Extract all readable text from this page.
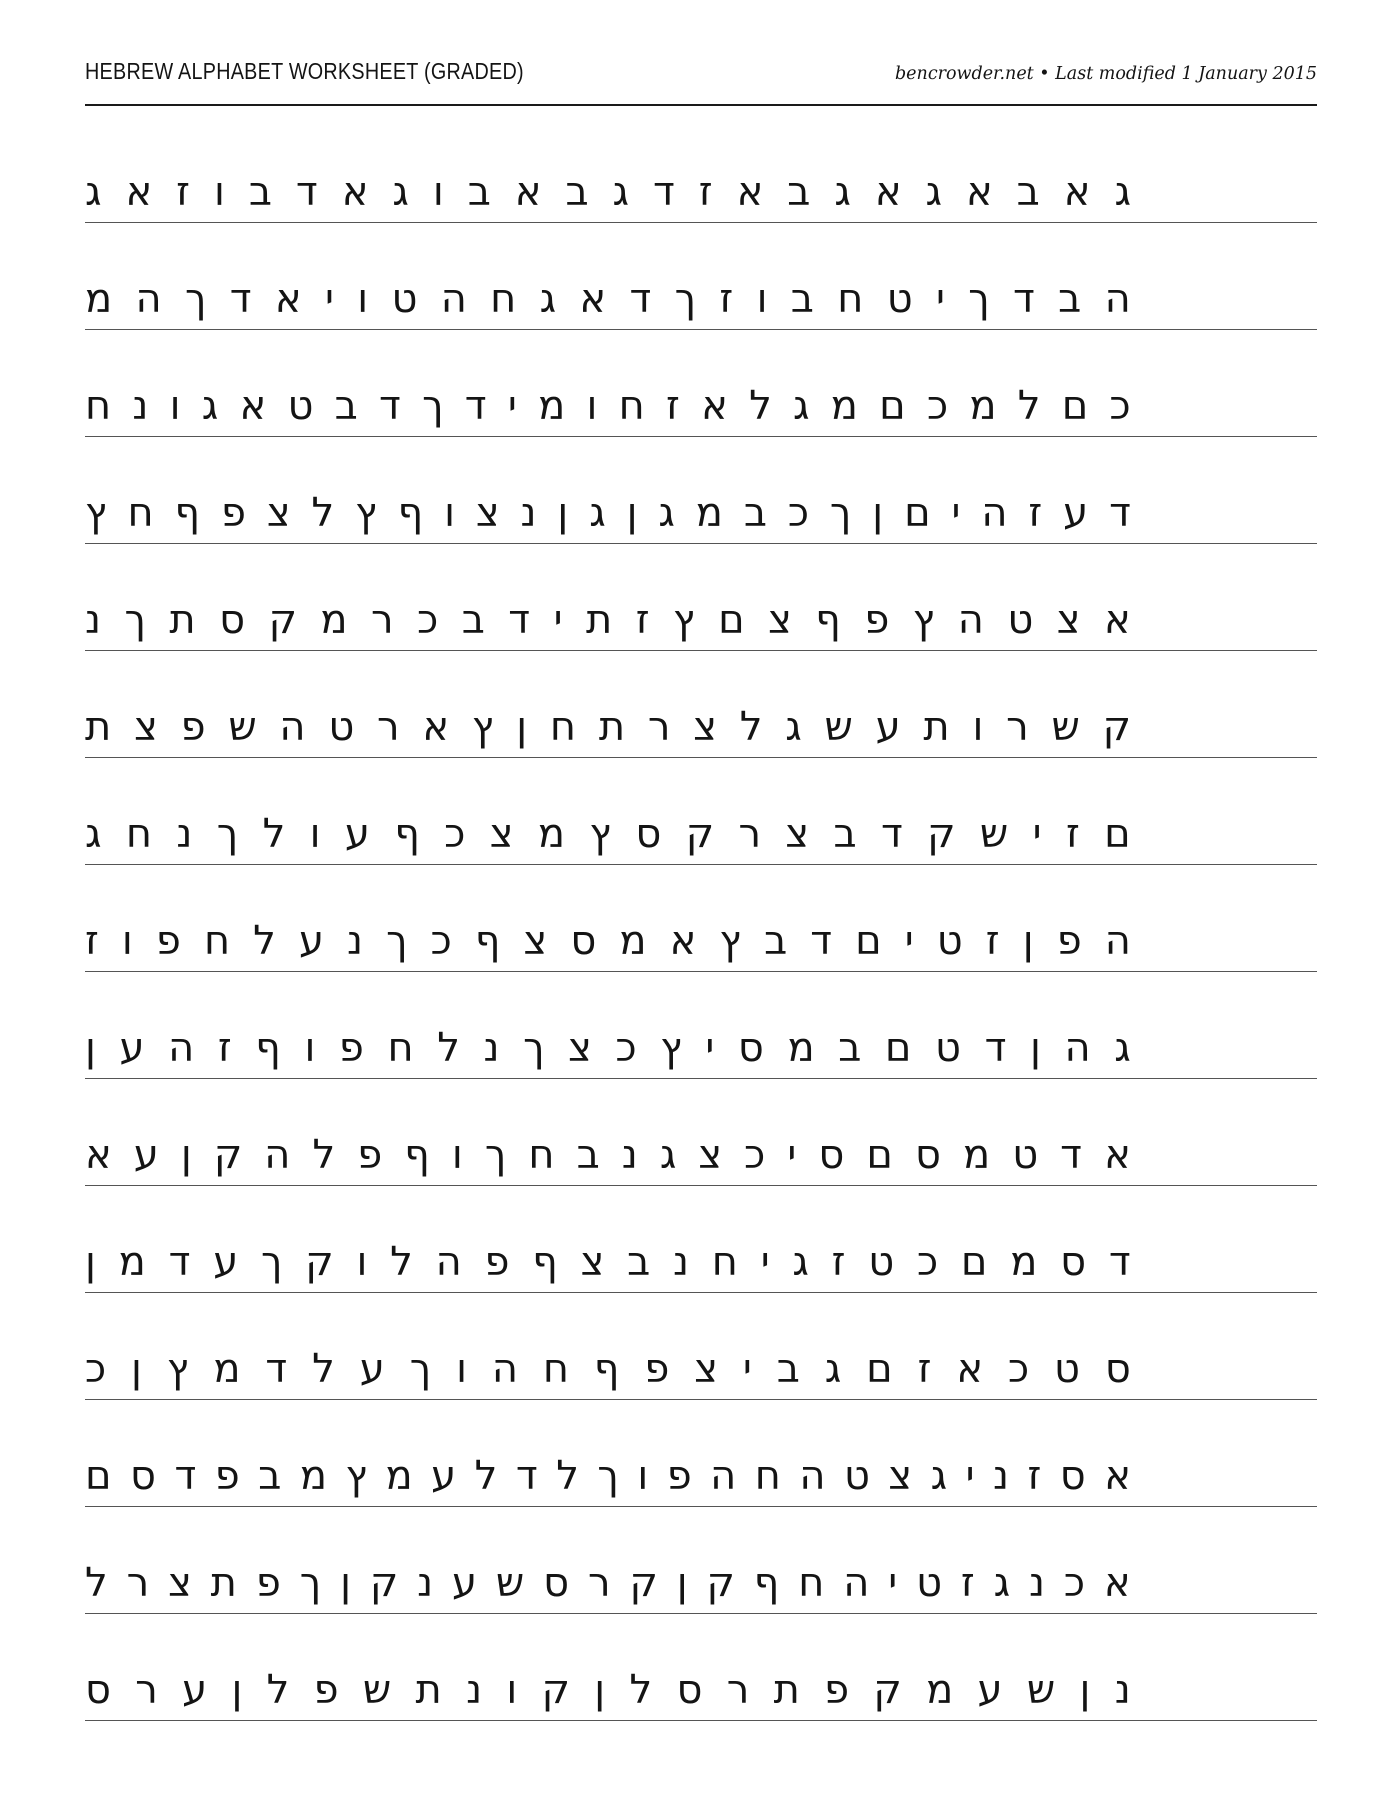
HEBREW ALPHABET WORKSHEET (GRADED)	bencrowder.net • Last modified 1 January 2015
ג א ז ו ב ד א ג ו ב א ב ג ד ז א ב ג א ג א ב א ג
מ ה ך ד א י ו ט ה ח ג א ד ך ז ו ב ח ט י ך ד ב ה
ח נ ו ג א ט ב ד ך ד י מ ו ח ז א ל ג מ ם כ מ ל ם כ
ץ ח ף פ צ ל ץ ף ו צ נ ן ג ן ג מ ב כ ך ן ם י ה ז ע ד
נ ך ת ס ק מ ר כ ב ד י ת ז ץ ם צ ף פ ץ ה ט צ א
ת צ פ ש ה ט ר א ץ ן ח ת ר צ ל ג ש ע ת ו ר ש ק
ג ח נ ך ל ו ע ף כ צ מ ץ ס ק ר צ ב ד ק ש י ז ם
ז ו פ ח ל ע נ ך כ ף צ ס מ א ץ ב ד ם י ט ז ן פ ה
ן ע ה ז ף ו פ ח ל נ ך צ כ ץ י ס מ ב ם ט ד ן ה ג
א ע ן ק ה ל פ ף ו ך ח ב נ ג צ כ י ס ם ס מ ט ד א
ן מ ד ע ך ק ו ל ה פ ף צ ב נ ח י ג ז ט כ ם מ ס ד
כ ן ץ מ ד ל ע ך ו ה ח ף פ צ י ב ג ם ז א כ ט ס
ם ס ד פ ב מ ץ מ ע ל ד ל ך ו פ ה ח ה ט צ ג י נ ז ס א
ל ר צ ת פ ך ן ק נ ע ש ס ר ק ן ק ף ח ה י ט ז ג נ כ א
ס ר ע ן ל פ ש ת נ ו ק ן ל ס ר ת פ ק מ ע ש ן נ
